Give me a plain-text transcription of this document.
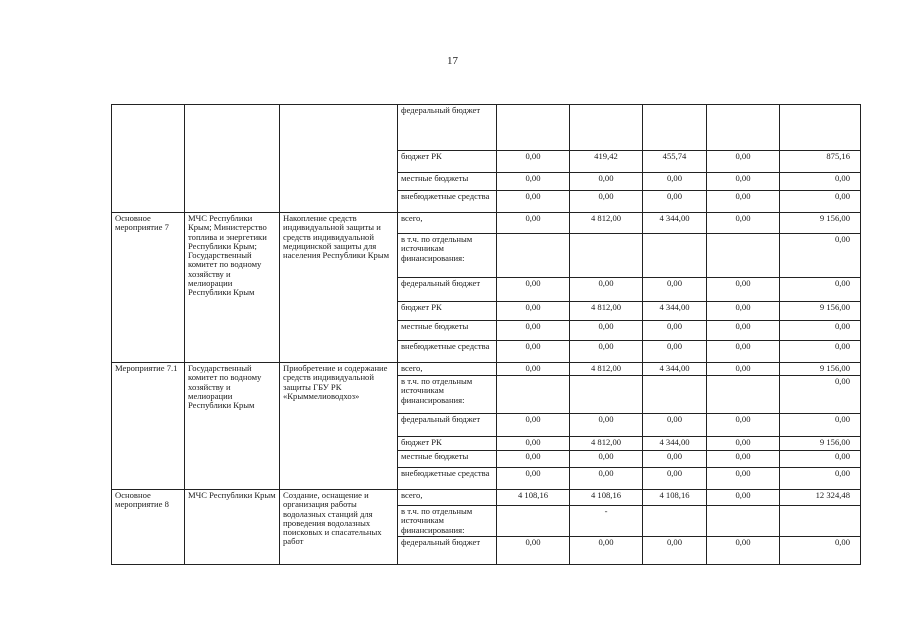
17
			федеральный бюджет					
			бюджет РК	0,00	419,42	455,74	0,00	875,16
			местные бюджеты	0,00	0,00	0,00	0,00	0,00
			внебюджетные средства	0,00	0,00	0,00	0,00	0,00
Основное мероприятие 7	МЧС Республики Крым; Министерство топлива и энергетики Республики Крым; Государственный комитет по водному хозяйству и мелиорации Республики Крым	Накопление средств индивидуальной защиты и средств индивидуальной медицинской защиты для населения Республики Крым	всего,	0,00	4 812,00	4 344,00	0,00	9 156,00
			в т.ч. по отдельным источникам финансирования:					0,00
			федеральный бюджет	0,00	0,00	0,00	0,00	0,00
			бюджет РК	0,00	4 812,00	4 344,00	0,00	9 156,00
			местные бюджеты	0,00	0,00	0,00	0,00	0,00
			внебюджетные средства	0,00	0,00	0,00	0,00	0,00
Мероприятие 7.1	Государственный комитет по водному хозяйству и мелиорации Республики Крым	Приобретение и содержание средств индивидуальной защиты ГБУ РК «Крыммелиоводхоз»	всего,	0,00	4 812,00	4 344,00	0,00	9 156,00
			в т.ч. по отдельным источникам финансирования:					0,00
			федеральный бюджет	0,00	0,00	0,00	0,00	0,00
			бюджет РК	0,00	4 812,00	4 344,00	0,00	9 156,00
			местные бюджеты	0,00	0,00	0,00	0,00	0,00
			внебюджетные средства	0,00	0,00	0,00	0,00	0,00
Основное мероприятие 8	МЧС Республики Крым	Создание, оснащение и организация работы водолазных станций для проведения водолазных поисковых и спасательных работ	всего,	4 108,16	4 108,16	4 108,16	0,00	12 324,48
			в т.ч. по отдельным источникам финансирования:		-			
			федеральный бюджет	0,00	0,00	0,00	0,00	0,00
